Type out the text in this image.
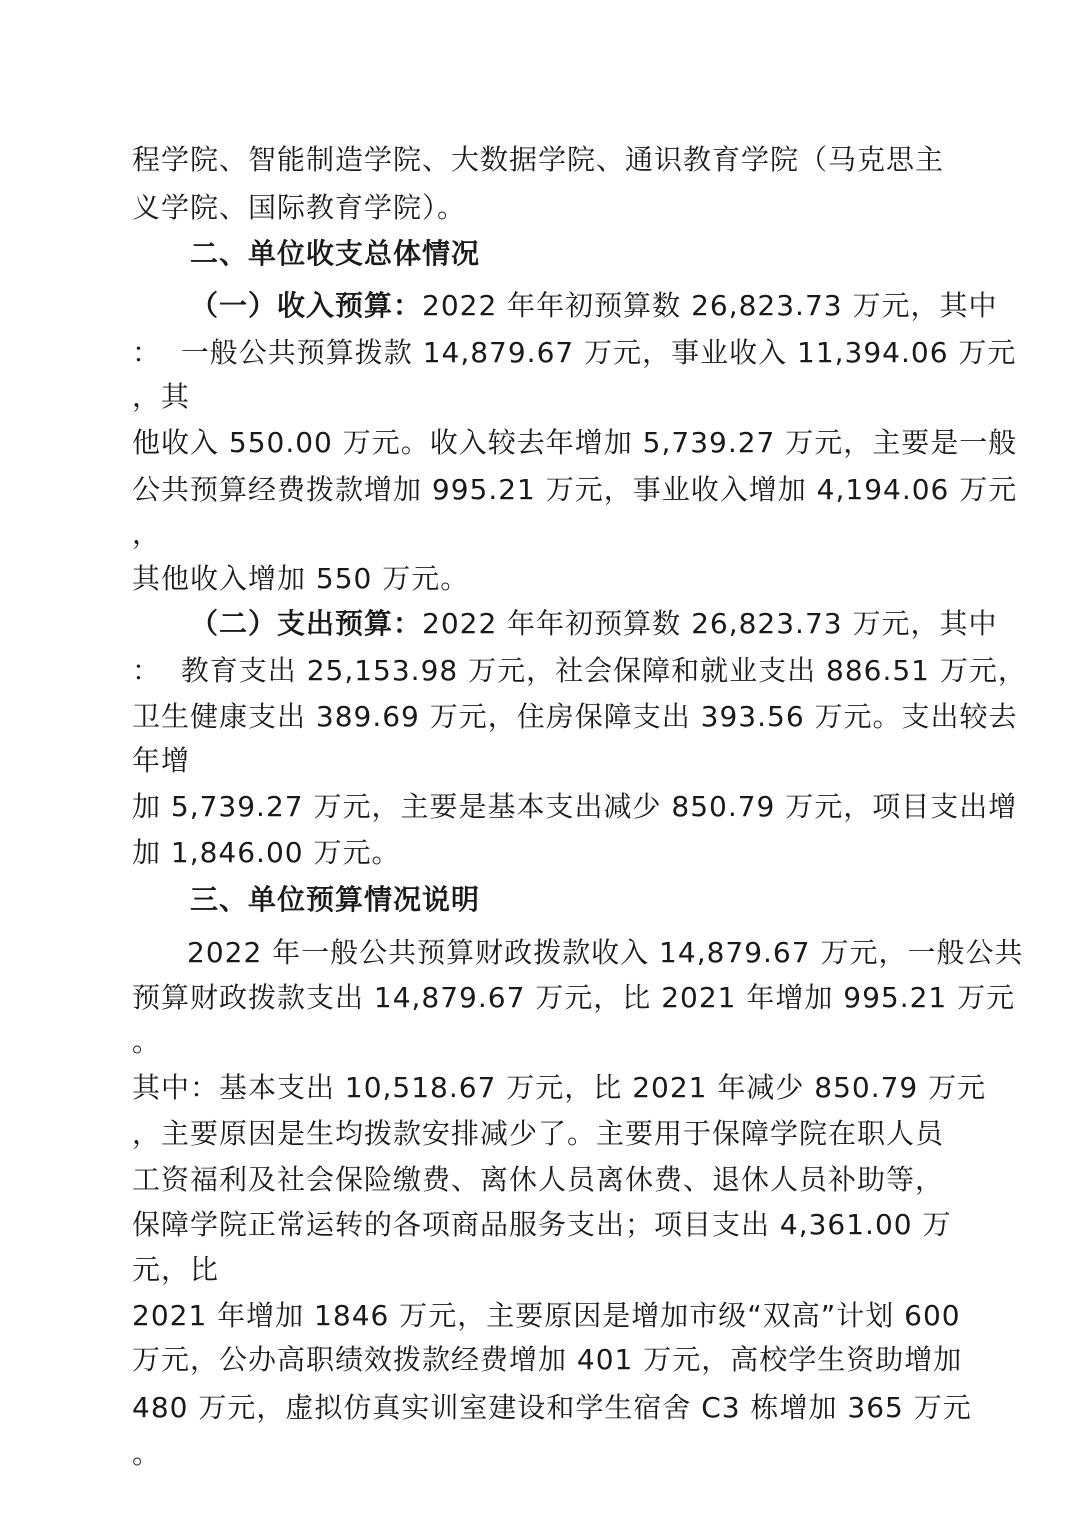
程学院、智能制造学院、大数据学院、通识教育学院（马克思主
义学院、国际教育学院）。
二、单位收支总体情况
（一）收入预算：2022 年年初预算数 26,823.73 万元，其中
：  一般公共预算拨款 14,879.67 万元，事业收入 11,394.06 万元
，其
他收入 550.00 万元。收入较去年增加 5,739.27 万元，主要是一般
公共预算经费拨款增加 995.21 万元，事业收入增加 4,194.06 万元
，
其他收入增加 550 万元。
（二）支出预算：2022 年年初预算数 26,823.73 万元，其中
：  教育支出 25,153.98 万元，社会保障和就业支出 886.51 万元，
卫生健康支出 389.69 万元，住房保障支出 393.56 万元。支出较去
年增
加 5,739.27 万元，主要是基本支出减少 850.79 万元，项目支出增
加 1,846.00 万元。
三、单位预算情况说明
2022 年一般公共预算财政拨款收入 14,879.67 万元，一般公共
预算财政拨款支出 14,879.67 万元，比 2021 年增加 995.21 万元
。
其中：基本支出 10,518.67 万元，比 2021 年减少 850.79 万元
，主要原因是生均拨款安排减少了。主要用于保障学院在职人员
工资福利及社会保险缴费、离休人员离休费、退休人员补助等，
保障学院正常运转的各项商品服务支出；项目支出 4,361.00 万
元，比
2021 年增加 1846 万元，主要原因是增加市级“双高”计划 600
万元，公办高职绩效拨款经费增加 401 万元，高校学生资助增加
480 万元，虚拟仿真实训室建设和学生宿舍 C3 栋增加 365 万元
。
